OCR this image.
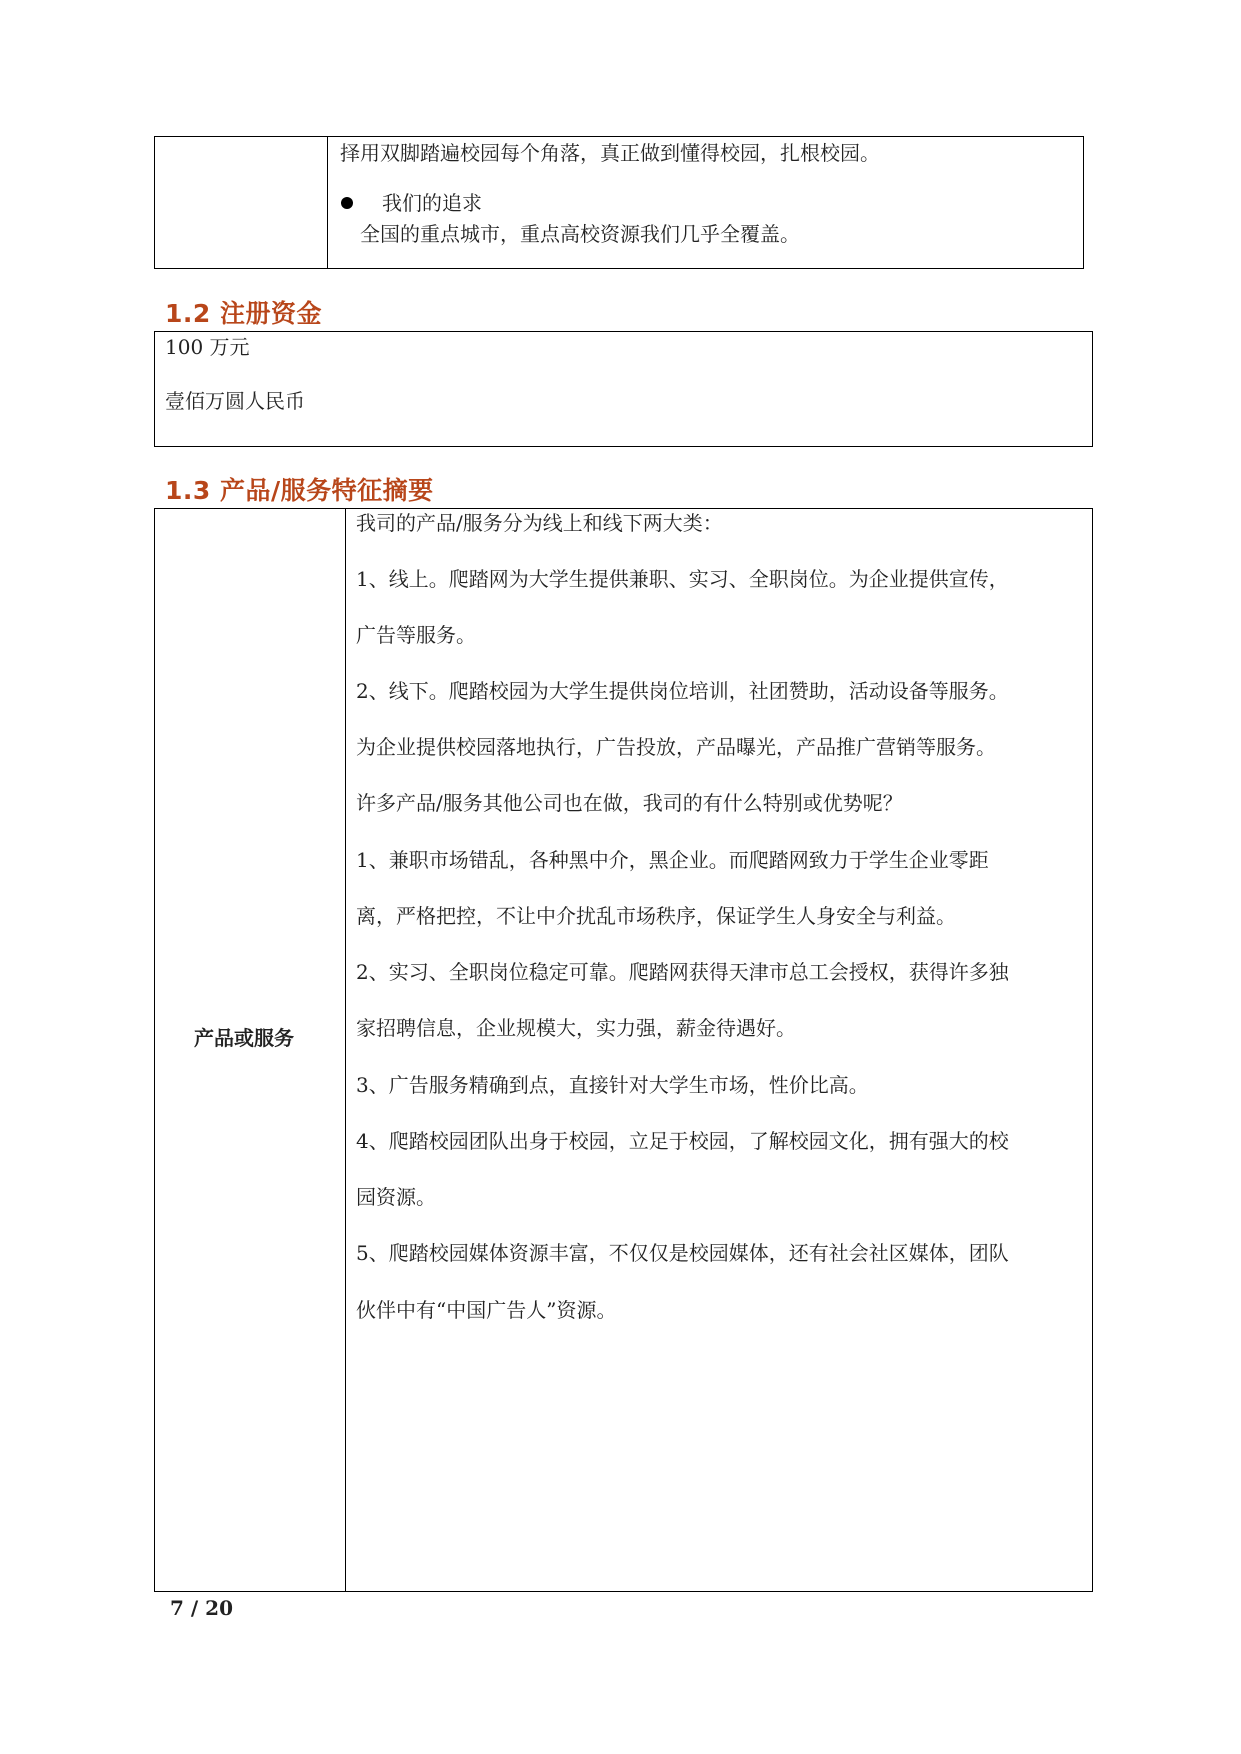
择用双脚踏遍校园每个角落，真正做到懂得校园，扎根校园。
我们的追求
全国的重点城市，重点高校资源我们几乎全覆盖。
1.2 注册资金
100 万元
壹佰万圆人民币
1.3 产品/服务特征摘要
产品或服务
我司的产品/服务分为线上和线下两大类：
1、线上。爬踏网为大学生提供兼职、实习、全职岗位。为企业提供宣传，
广告等服务。
2、线下。爬踏校园为大学生提供岗位培训，社团赞助，活动设备等服务。
为企业提供校园落地执行，广告投放，产品曝光，产品推广营销等服务。
许多产品/服务其他公司也在做，我司的有什么特别或优势呢？
1、兼职市场错乱，各种黑中介，黑企业。而爬踏网致力于学生企业零距
离，严格把控，不让中介扰乱市场秩序，保证学生人身安全与利益。
2、实习、全职岗位稳定可靠。爬踏网获得天津市总工会授权，获得许多独
家招聘信息，企业规模大，实力强，薪金待遇好。
3、广告服务精确到点，直接针对大学生市场，性价比高。
4、爬踏校园团队出身于校园，立足于校园，了解校园文化，拥有强大的校
园资源。
5、爬踏校园媒体资源丰富，不仅仅是校园媒体，还有社会社区媒体，团队
伙伴中有“中国广告人”资源。
7 / 20
